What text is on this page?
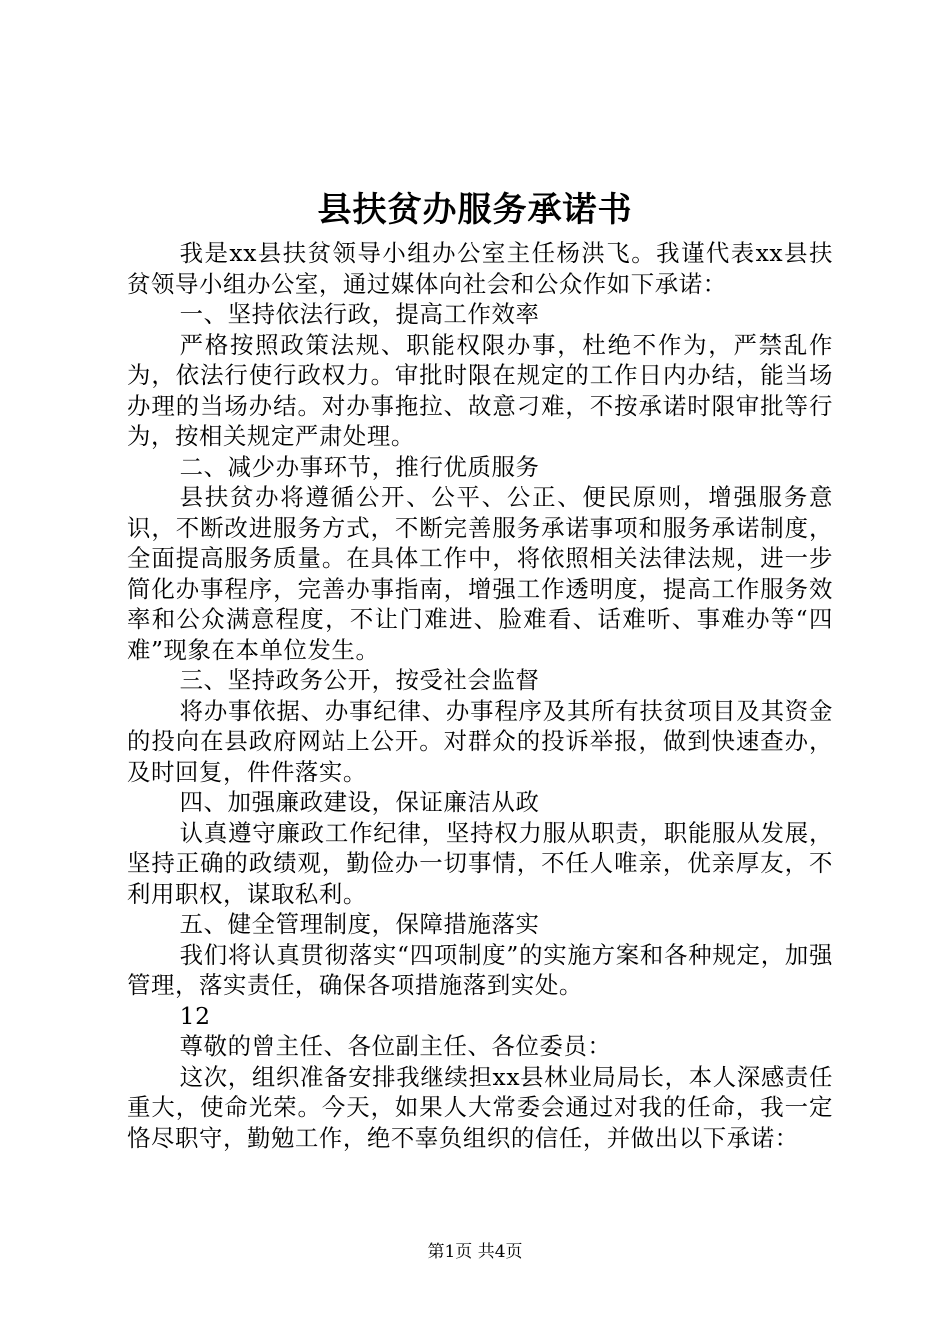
县扶贫办服务承诺书

我是xx县扶贫领导小组办公室主任杨洪飞。我谨代表xx县扶贫领导小组办公室，通过媒体向社会和公众作如下承诺：

一、坚持依法行政，提高工作效率

严格按照政策法规、职能权限办事，杜绝不作为，严禁乱作为，依法行使行政权力。审批时限在规定的工作日内办结，能当场办理的当场办结。对办事拖拉、故意刁难，不按承诺时限审批等行为，按相关规定严肃处理。

二、减少办事环节，推行优质服务

县扶贫办将遵循公开、公平、公正、便民原则，增强服务意识，不断改进服务方式，不断完善服务承诺事项和服务承诺制度，全面提高服务质量。在具体工作中，将依照相关法律法规，进一步简化办事程序，完善办事指南，增强工作透明度，提高工作服务效率和公众满意程度，不让门难进、脸难看、话难听、事难办等“四难”现象在本单位发生。

三、坚持政务公开，按受社会监督

将办事依据、办事纪律、办事程序及其所有扶贫项目及其资金的投向在县政府网站上公开。对群众的投诉举报，做到快速查办，及时回复，件件落实。

四、加强廉政建设，保证廉洁从政

认真遵守廉政工作纪律，坚持权力服从职责，职能服从发展，坚持正确的政绩观，勤俭办一切事情，不任人唯亲，优亲厚友，不利用职权，谋取私利。

五、健全管理制度，保障措施落实

我们将认真贯彻落实“四项制度”的实施方案和各种规定，加强管理，落实责任，确保各项措施落到实处。

12

尊敬的曾主任、各位副主任、各位委员：

这次，组织准备安排我继续担xx县林业局局长，本人深感责任重大，使命光荣。今天，如果人大常委会通过对我的任命，我一定恪尽职守，勤勉工作，绝不辜负组织的信任，并做出以下承诺：

第1页 共4页
